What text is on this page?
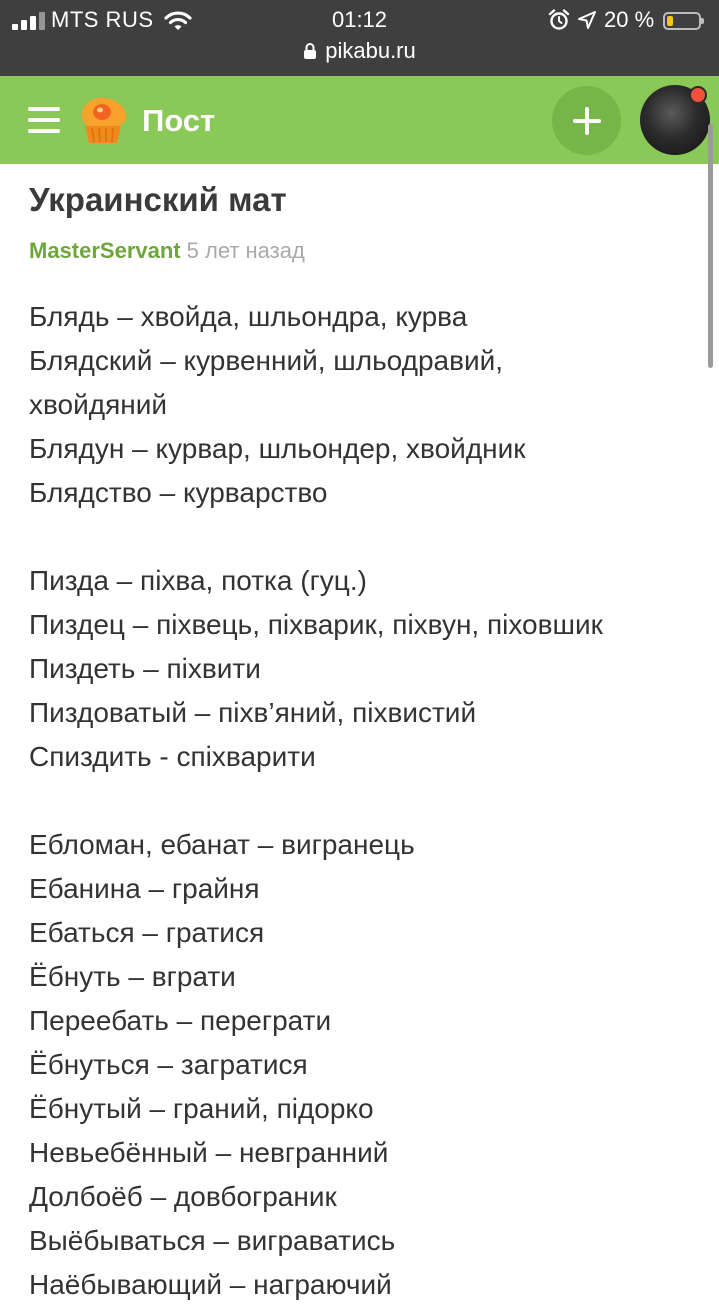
MTS RUS	01:12	20 %
pikabu.ru
Пост
Украинский мат
MasterServant 5 лет назад
Блядь – хвойда, шльондра, курва
Блядский – курвенний, шльодравий,
хвойдяний
Блядун – курвар, шльондер, хвойдник
Блядство – курварство
Пизда – піхва, потка (гуц.)
Пиздец – піхвець, піхварик, піхвун, піховшик
Пиздеть – піхвити
Пиздоватый – піхв’яний, піхвистий
Спиздить - спіхварити
Ебломан, ебанат – вигранець
Ебанина – грайня
Ебаться – гратися
Ёбнуть – вграти
Переебать – переграти
Ёбнуться – загратися
Ёбнутый – граний, підорко
Невьебённый – невгранний
Долбоёб – довбограник
Выёбываться – виграватись
Наёбывающий – награючий
